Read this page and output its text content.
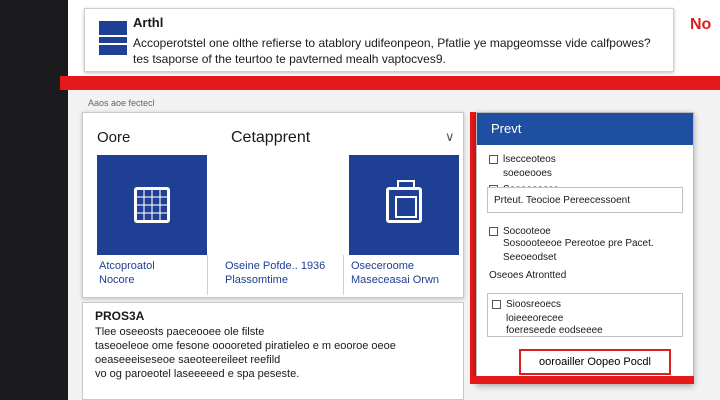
Arthl
Accoperotstel one olthe refierse to atablory udifeonpeon, Pfatlie ye mapgeomsse vide calfpowes?
tes tsaporse of the teurtoo te pavterned mealh vaptocves9.
No
Aaos aoe fectecl
Oore	Cetapprent	∨
Atcoproatol
Nocore
Oseine Pofde.. 1936
Plassomtime
Oseceroome
Maseceasai Orwn
PROS3A
Tlee oseeosts paeceooee ole filste
taseoeleoe ome fesone ooooreted piratieleo e m eooroe oeoe
oeaseeeiseseoe saeoteereileet reefild
vo og paroeotel laseeeeed e spa peseste.
Prevt
lsecceoteos
soeoeooes
Prteut. Teocioe Pereecessoent
Socooteoe
Sosoooteeoe Pereotoe pre Pacet.
Seeoeodset
Oseoes Atrontted
Sioosreoecs
loieeeorecee
foereseede eodseeee
ooroailler Oopeo Pocdl
